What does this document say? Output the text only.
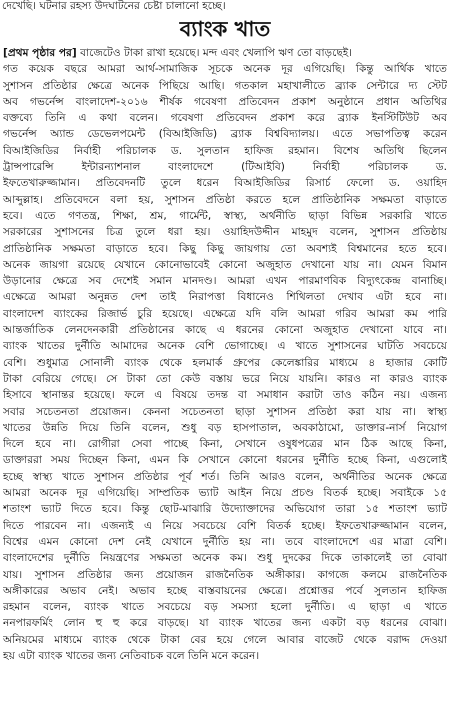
দেখেছি। ঘটনার রহস্য উদঘাটনের চেষ্টা চালানো হচ্ছে।
ব্যাংক খাত
[প্রথম পৃষ্ঠার পর] বাজেটেও টাকা রাখা হয়েছে। মন্দ এবং খেলাপি ঋণ তো বাড়ছেই।
গত কয়েক বছরে আমরা আর্থ-সামাজিক সূচকে অনেক দূর এগিয়েছি। কিন্তু আর্থিক খাতে
সুশাসন প্রতিষ্ঠার ক্ষেত্রে অনেক পিছিয়ে আছি। গতকাল মহাখালীতে ব্র্যাক সেন্টারে দ্য স্টেট
অব গভর্নেন্স বাংলাদেশ-২০১৬ শীর্ষক গবেষণা প্রতিবেদন প্রকাশ অনুষ্ঠানে প্রধান অতিথির
বক্তব্যে তিনি এ কথা বলেন। গবেষণা প্রতিবেদন প্রকাশ করে ব্র্যাক ইনস্টিটিউট অব
গভর্নেন্স অ্যান্ড ডেভেলপমেন্ট (বিআইজিডি) ব্র্যাক বিশ্ববিদ্যালয়। এতে সভাপতিত্ব করেন
বিআইজিডির নির্বাহী পরিচালক ড. সুলতান হাফিজ রহমান। বিশেষ অতিথি ছিলেন
ট্রান্সপারেন্সি ইন্টারন্যাশনাল বাংলাদেশে (টিআইবি) নির্বাহী পরিচালক ড.
ইফতেখারুজ্জামান। প্রতিবেদনটি তুলে ধরেন বিআইজিডির রিসার্চ ফেলো ড. ওয়াহিদ
আব্দুল্লাহ। প্রতিবেদনে বলা হয়, সুশাসন প্রতিষ্ঠা করতে হলে প্রাতিষ্ঠানিক সক্ষমতা বাড়াতে
হবে। এতে গণতন্ত্র, শিক্ষা, শ্রম, গার্মেন্ট, স্বাস্থ্য, অর্থনীতি ছাড়া বিভিন্ন সরকারি খাতে
সরকারের সুশাসনের চিত্র তুলে ধরা হয়। ওয়াহিদউদ্দীন মাহমুদ বলেন, সুশাসন প্রতিষ্ঠায়
প্রাতিষ্ঠানিক সক্ষমতা বাড়াতে হবে। কিছু কিছু জায়গায় তো অবশ্যই বিশ্বমানের হতে হবে।
অনেক জায়গা রয়েছে যেখানে কোনোভাবেই কোনো অজুহাত দেখানো যায় না। যেমন বিমান
উড়ানোর ক্ষেত্রে সব দেশেই সমান মানদণ্ড। আমরা এখন পারমাণবিক বিদ্যুৎকেন্দ্র বানাচ্ছি।
এক্ষেত্রে আমরা অনুন্নত দেশ তাই নিরাপত্তা বিধানেও শিথিলতা দেখাব এটা হবে না।
বাংলাদেশ ব্যাংকের রিজার্ভ চুরি হয়েছে। এক্ষেত্রে যদি বলি আমরা গরিব আমরা কম পারি
আন্তর্জাতিক লেনদেনকারী প্রতিষ্ঠানের কাছে এ ধরনের কোনো অজুহাত দেখানো যাবে না।
ব্যাংক খাতের দুর্নীতি আমাদের অনেক বেশি ভোগাচ্ছে। এ খাতে সুশাসনের ঘাটতি সবচেয়ে
বেশি। শুধুমাত্র সোনালী ব্যাংক থেকে হলমার্ক গ্রুপের কেলেঙ্কারির মাধ্যমে ৪ হাজার কোটি
টাকা বেরিয়ে গেছে। সে টাকা তো কেউ বস্তায় ভরে নিয়ে যায়নি। কারও না কারও ব্যাংক
হিসাবে স্থানান্তর হয়েছে। ফলে এ বিষয়ে তদন্ত বা সমাধান করাটা তাও কঠিন নয়। এজন্য
সবার সচেতনতা প্রয়োজন। কেননা সচেতনতা ছাড়া সুশাসন প্রতিষ্ঠা করা যায় না। স্বাস্থ্য
খাতের উন্নতি দিয়ে তিনি বলেন, শুধু বড় হাসপাতাল, অবকাঠামো, ডাক্তার-নার্স নিয়োগ
দিলে হবে না। রোগীরা সেবা পাচ্ছে কিনা, সেখানে ওষুধপত্রের মান ঠিক আছে কিনা,
ডাক্তাররা সময় দিচ্ছেন কিনা, এমন কি সেখানে কোনো ধরনের দুর্নীতি হচ্ছে কিনা, এগুলোই
হচ্ছে স্বাস্থ্য খাতে সুশাসন প্রতিষ্ঠার পূর্ব শর্ত। তিনি আরও বলেন, অর্থনীতির অনেক ক্ষেত্রে
আমরা অনেক দূর এগিয়েছি। সাম্প্রতিক ভ্যাট আইন নিয়ে প্রচণ্ড বিতর্ক হচ্ছে। সবাইকে ১৫
শতাংশ ভ্যাট দিতে হবে। কিন্তু ছোট-মাঝারি উদ্যোক্তাদের অভিযোগ তারা ১৫ শতাংশ ভ্যাট
দিতে পারবেন না। এজন্যই এ নিয়ে সবচেয়ে বেশি বিতর্ক হচ্ছে। ইফতেখারুজ্জামান বলেন,
বিশ্বের এমন কোনো দেশ নেই যেখানে দুর্নীতি হয় না। তবে বাংলাদেশে এর মাত্রা বেশি।
বাংলাদেশের দুর্নীতি নিয়ন্ত্রণের সক্ষমতা অনেক কম। শুধু দুদকের দিকে তাকালেই তা বোঝা
যায়। সুশাসন প্রতিষ্ঠার জন্য প্রয়োজন রাজনৈতিক অঙ্গীকার। কাগজে কলমে রাজনৈতিক
অঙ্গীকারের অভাব নেই। অভাব হচ্ছে বাস্তবায়নের ক্ষেত্রে। প্রশ্নোত্তর পর্বে সুলতান হাফিজ
রহমান বলেন, ব্যাংক খাতে সবচেয়ে বড় সমস্যা হলো দুর্নীতি। এ ছাড়া এ খাতে
ননপারফর্মিং লোন হু হু করে বাড়ছে। যা ব্যাংক খাতের জন্য একটা বড় ধরনের বোঝা।
অনিয়মের মাধ্যমে ব্যাংক থেকে টাকা বের হয়ে গেলে আবার বাজেট থেকে বরাদ্দ দেওয়া
হয় এটা ব্যাংক খাতের জন্য নেতিবাচক বলে তিনি মনে করেন।
